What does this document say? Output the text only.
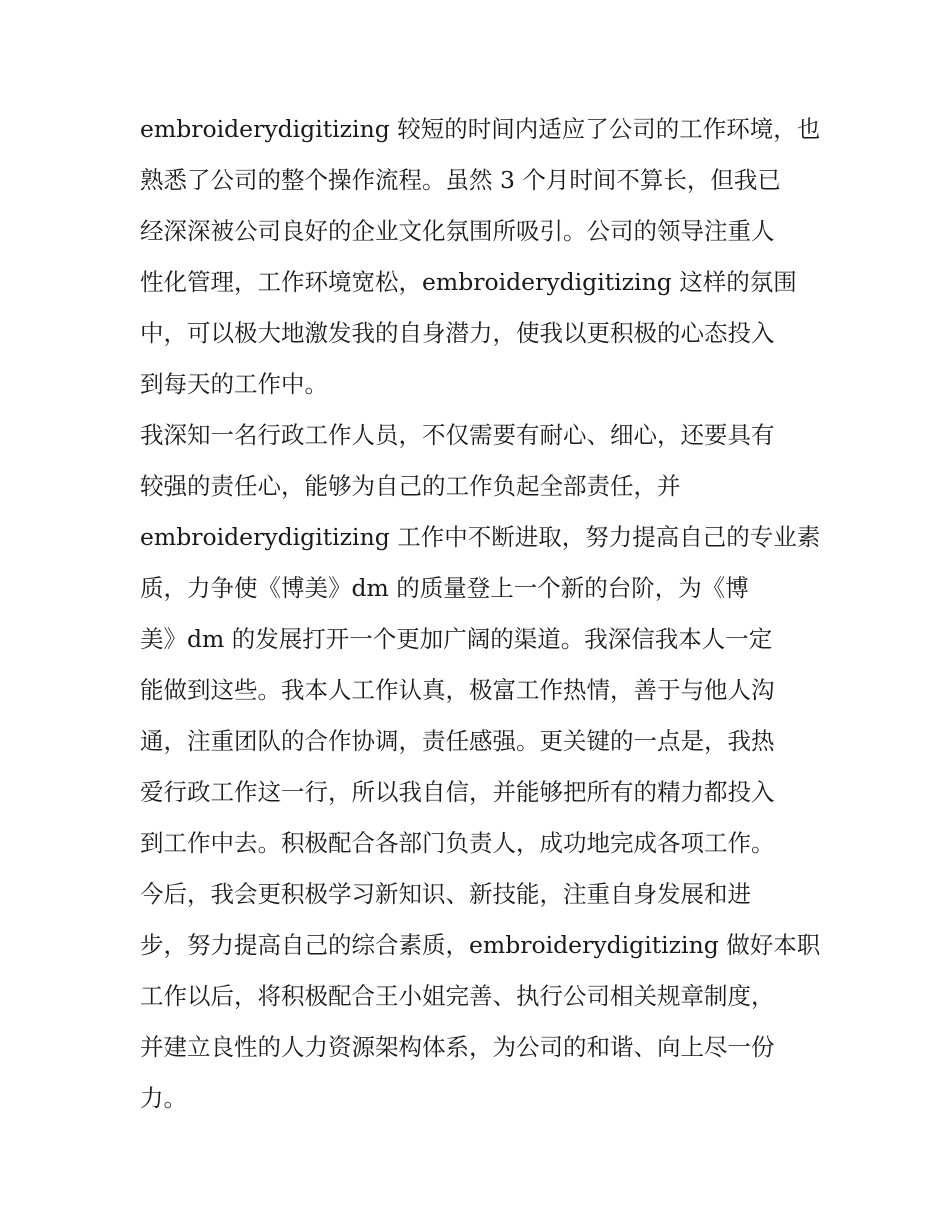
embroiderydigitizing 较短的时间内适应了公司的工作环境，也
熟悉了公司的整个操作流程。虽然 3 个月时间不算长，但我已
经深深被公司良好的企业文化氛围所吸引。公司的领导注重人
性化管理，工作环境宽松，embroiderydigitizing 这样的氛围
中，可以极大地激发我的自身潜力，使我以更积极的心态投入
到每天的工作中。
我深知一名行政工作人员，不仅需要有耐心、细心，还要具有
较强的责任心，能够为自己的工作负起全部责任，并
embroiderydigitizing 工作中不断进取，努力提高自己的专业素
质，力争使《博美》dm 的质量登上一个新的台阶，为《博
美》dm 的发展打开一个更加广阔的渠道。我深信我本人一定
能做到这些。我本人工作认真，极富工作热情，善于与他人沟
通，注重团队的合作协调，责任感强。更关键的一点是，我热
爱行政工作这一行，所以我自信，并能够把所有的精力都投入
到工作中去。积极配合各部门负责人，成功地完成各项工作。
今后，我会更积极学习新知识、新技能，注重自身发展和进
步，努力提高自己的综合素质，embroiderydigitizing 做好本职
工作以后，将积极配合王小姐完善、执行公司相关规章制度，
并建立良性的人力资源架构体系，为公司的和谐、向上尽一份
力。
